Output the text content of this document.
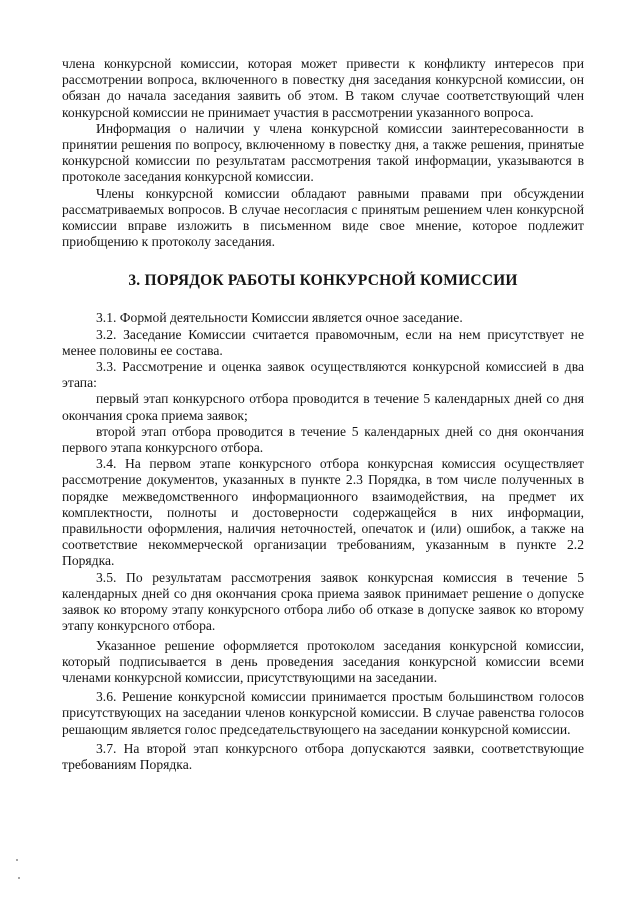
члена конкурсной комиссии, которая может привести к конфликту интересов при рассмотрении вопроса, включенного в повестку дня заседания конкурсной комиссии, он обязан до начала заседания заявить об этом. В таком случае соответствующий член конкурсной комиссии не принимает участия в рассмотрении указанного вопроса.

Информация о наличии у члена конкурсной комиссии заинтересованности в принятии решения по вопросу, включенному в повестку дня, а также решения, принятые конкурсной комиссии по результатам рассмотрения такой информации, указываются в протоколе заседания конкурсной комиссии.

Члены конкурсной комиссии обладают равными правами при обсуждении рассматриваемых вопросов. В случае несогласия с принятым решением член конкурсной комиссии вправе изложить в письменном виде свое мнение, которое подлежит приобщению к протоколу заседания.

3. ПОРЯДОК РАБОТЫ КОНКУРСНОЙ КОМИССИИ

3.1. Формой деятельности Комиссии является очное заседание.

3.2. Заседание Комиссии считается правомочным, если на нем присутствует не менее половины ее состава.

3.3. Рассмотрение и оценка заявок осуществляются конкурсной комиссией в два этапа:

первый этап конкурсного отбора проводится в течение 5 календарных дней со дня окончания срока приема заявок;

второй этап отбора проводится в течение 5 календарных дней со дня окончания первого этапа конкурсного отбора.

3.4. На первом этапе конкурсного отбора конкурсная комиссия осуществляет рассмотрение документов, указанных в пункте 2.3 Порядка, в том числе полученных в порядке межведомственного информационного взаимодействия, на предмет их комплектности, полноты и достоверности содержащейся в них информации, правильности оформления, наличия неточностей, опечаток и (или) ошибок, а также на соответствие некоммерческой организации требованиям, указанным в пункте 2.2 Порядка.

3.5. По результатам рассмотрения заявок конкурсная комиссия в течение 5 календарных дней со дня окончания срока приема заявок принимает решение о допуске заявок ко второму этапу конкурсного отбора либо об отказе в допуске заявок ко второму этапу конкурсного отбора.

Указанное решение оформляется протоколом заседания конкурсной комиссии, который подписывается в день проведения заседания конкурсной комиссии всеми членами конкурсной комиссии, присутствующими на заседании.

3.6. Решение конкурсной комиссии принимается простым большинством голосов присутствующих на заседании членов конкурсной комиссии. В случае равенства голосов решающим является голос председательствующего на заседании конкурсной комиссии.

3.7. На второй этап конкурсного отбора допускаются заявки, соответствующие требованиям Порядка.
